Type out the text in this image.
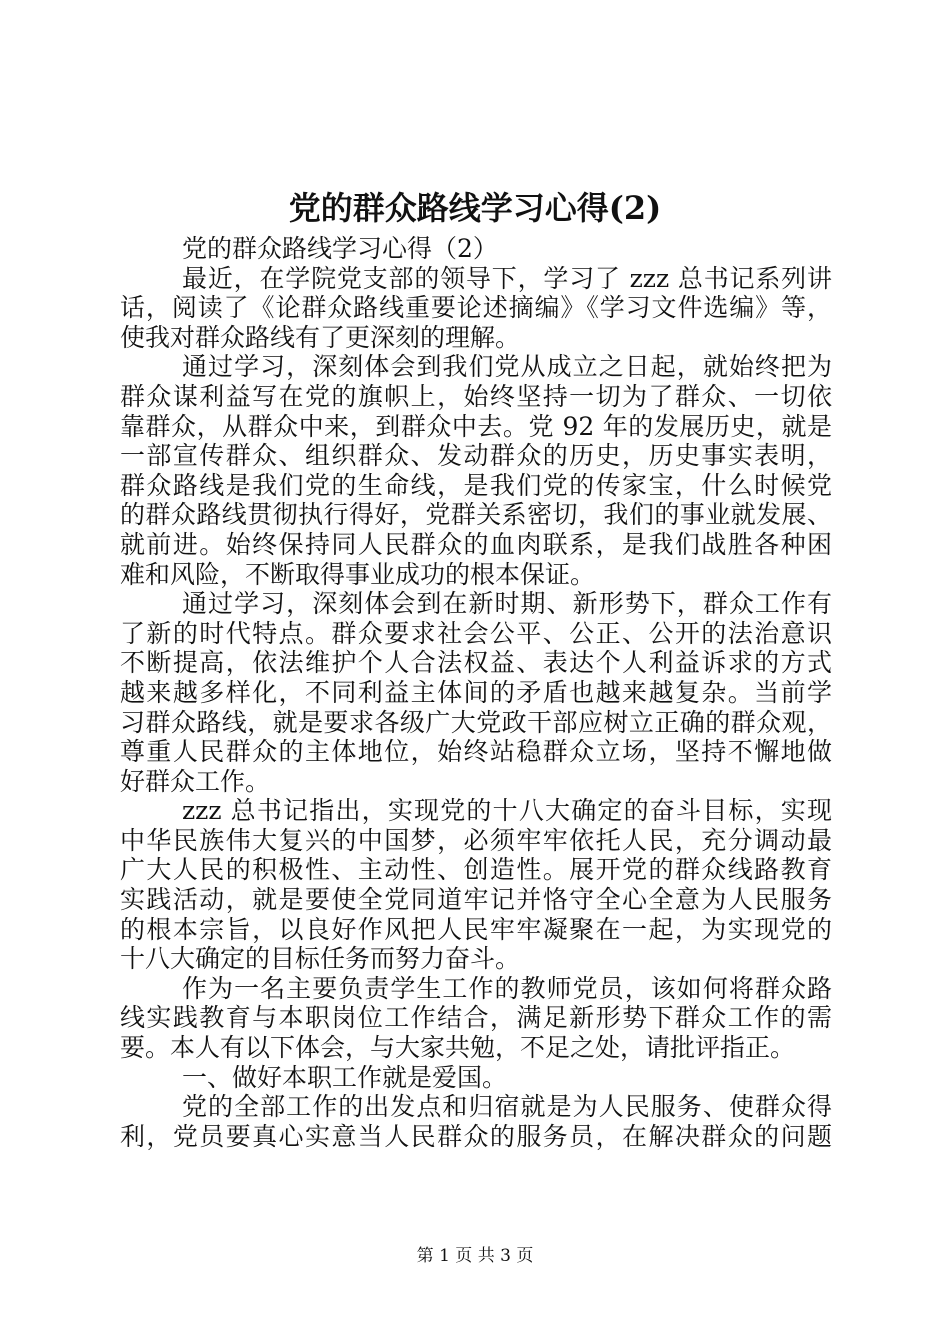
党的群众路线学习心得(2)
党的群众路线学习心得（2）
最近，在学院党支部的领导下，学习了 zzz 总书记系列讲
话，阅读了《论群众路线重要论述摘编》《学习文件选编》等，
使我对群众路线有了更深刻的理解。
通过学习，深刻体会到我们党从成立之日起，就始终把为
群众谋利益写在党的旗帜上，始终坚持一切为了群众、一切依
靠群众，从群众中来，到群众中去。党 92 年的发展历史，就是
一部宣传群众、组织群众、发动群众的历史，历史事实表明，
群众路线是我们党的生命线，是我们党的传家宝，什么时候党
的群众路线贯彻执行得好，党群关系密切，我们的事业就发展、
就前进。始终保持同人民群众的血肉联系，是我们战胜各种困
难和风险，不断取得事业成功的根本保证。
通过学习，深刻体会到在新时期、新形势下，群众工作有
了新的时代特点。群众要求社会公平、公正、公开的法治意识
不断提高，依法维护个人合法权益、表达个人利益诉求的方式
越来越多样化，不同利益主体间的矛盾也越来越复杂。当前学
习群众路线，就是要求各级广大党政干部应树立正确的群众观，
尊重人民群众的主体地位，始终站稳群众立场，坚持不懈地做
好群众工作。
zzz 总书记指出，实现党的十八大确定的奋斗目标，实现
中华民族伟大复兴的中国梦，必须牢牢依托人民，充分调动最
广大人民的积极性、主动性、创造性。展开党的群众线路教育
实践活动，就是要使全党同道牢记并恪守全心全意为人民服务
的根本宗旨，以良好作风把人民牢牢凝聚在一起，为实现党的
十八大确定的目标任务而努力奋斗。
作为一名主要负责学生工作的教师党员，该如何将群众路
线实践教育与本职岗位工作结合，满足新形势下群众工作的需
要。本人有以下体会，与大家共勉，不足之处，请批评指正。
一、做好本职工作就是爱国。
党的全部工作的出发点和归宿就是为人民服务、使群众得
利，党员要真心实意当人民群众的服务员，在解决群众的问题
第 1 页 共 3 页
